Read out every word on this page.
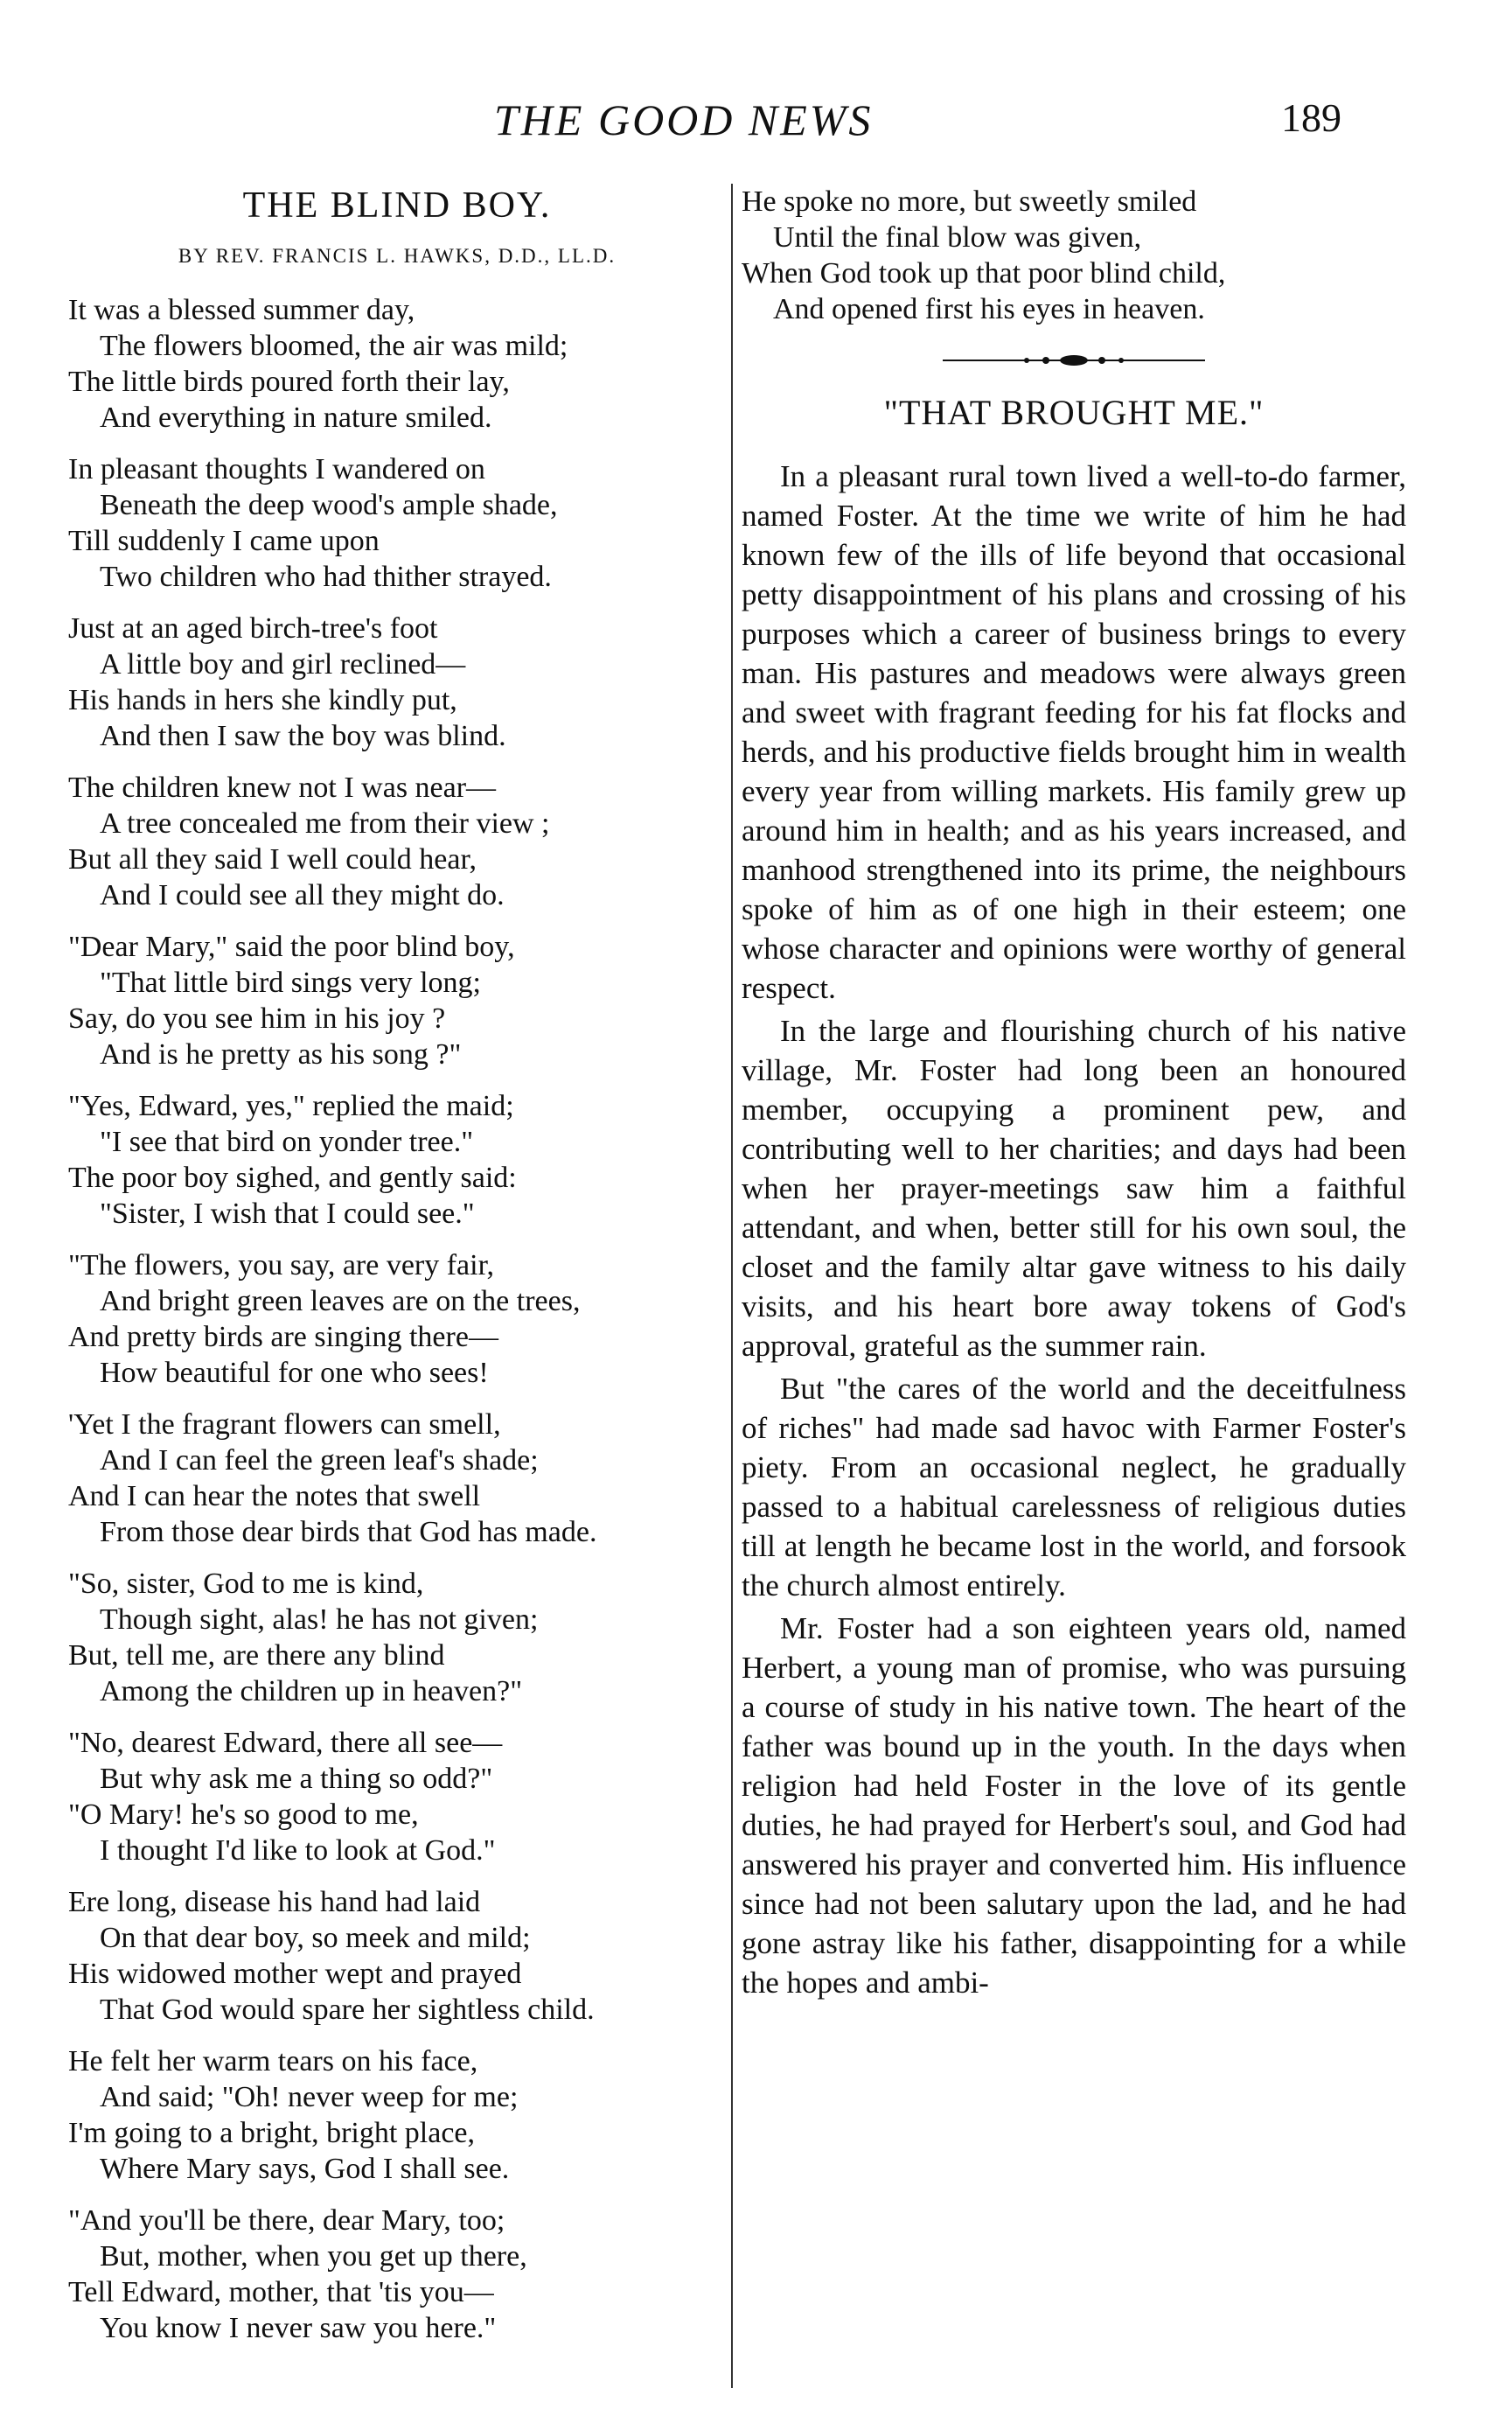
THE GOOD NEWS	189
THE BLIND BOY.
BY REV. FRANCIS L. HAWKS, D.D., LL.D.
It was a blessed summer day,
The flowers bloomed, the air was mild;
The little birds poured forth their lay,
And everything in nature smiled.
In pleasant thoughts I wandered on
Beneath the deep wood's ample shade,
Till suddenly I came upon
Two children who had thither strayed.
Just at an aged birch-tree's foot
A little boy and girl reclined—
His hands in hers she kindly put,
And then I saw the boy was blind.
The children knew not I was near—
A tree concealed me from their view ;
But all they said I well could hear,
And I could see all they might do.
"Dear Mary," said the poor blind boy,
"That little bird sings very long;
Say, do you see him in his joy ?
And is he pretty as his song ?"
"Yes, Edward, yes," replied the maid;
"I see that bird on yonder tree."
The poor boy sighed, and gently said:
"Sister, I wish that I could see."
"The flowers, you say, are very fair,
And bright green leaves are on the trees,
And pretty birds are singing there—
How beautiful for one who sees!
'Yet I the fragrant flowers can smell,
And I can feel the green leaf's shade;
And I can hear the notes that swell
From those dear birds that God has made.
"So, sister, God to me is kind,
Though sight, alas! he has not given;
But, tell me, are there any blind
Among the children up in heaven?"
"No, dearest Edward, there all see—
But why ask me a thing so odd?"
"O Mary! he's so good to me,
I thought I'd like to look at God."
Ere long, disease his hand had laid
On that dear boy, so meek and mild;
His widowed mother wept and prayed
That God would spare her sightless child.
He felt her warm tears on his face,
And said; "Oh! never weep for me;
I'm going to a bright, bright place,
Where Mary says, God I shall see.
"And you'll be there, dear Mary, too;
But, mother, when you get up there,
Tell Edward, mother, that 'tis you—
You know I never saw you here."
He spoke no more, but sweetly smiled
Until the final blow was given,
When God took up that poor blind child,
And opened first his eyes in heaven.
"THAT BROUGHT ME."

In a pleasant rural town lived a well-to-do farmer, named Foster. At the time we write of him he had known few of the ills of life beyond that occasional petty disappointment of his plans and crossing of his purposes which a career of business brings to every man. His pastures and meadows were always green and sweet with fragrant feeding for his fat flocks and herds, and his productive fields brought him in wealth every year from willing markets. His family grew up around him in health; and as his years increased, and manhood strengthened into its prime, the neighbours spoke of him as of one high in their esteem; one whose character and opinions were worthy of general respect.

In the large and flourishing church of his native village, Mr. Foster had long been an honoured member, occupying a prominent pew, and contributing well to her charities; and days had been when her prayer-meetings saw him a faithful attendant, and when, better still for his own soul, the closet and the family altar gave witness to his daily visits, and his heart bore away tokens of God's approval, grateful as the summer rain.

But "the cares of the world and the deceitfulness of riches" had made sad havoc with Farmer Foster's piety. From an occasional neglect, he gradually passed to a habitual carelessness of religious duties till at length he became lost in the world, and forsook the church almost entirely.

Mr. Foster had a son eighteen years old, named Herbert, a young man of promise, who was pursuing a course of study in his native town. The heart of the father was bound up in the youth. In the days when religion had held Foster in the love of its gentle duties, he had prayed for Herbert's soul, and God had answered his prayer and converted him. His influence since had not been salutary upon the lad, and he had gone astray like his father, disappointing for a while the hopes and ambi-
